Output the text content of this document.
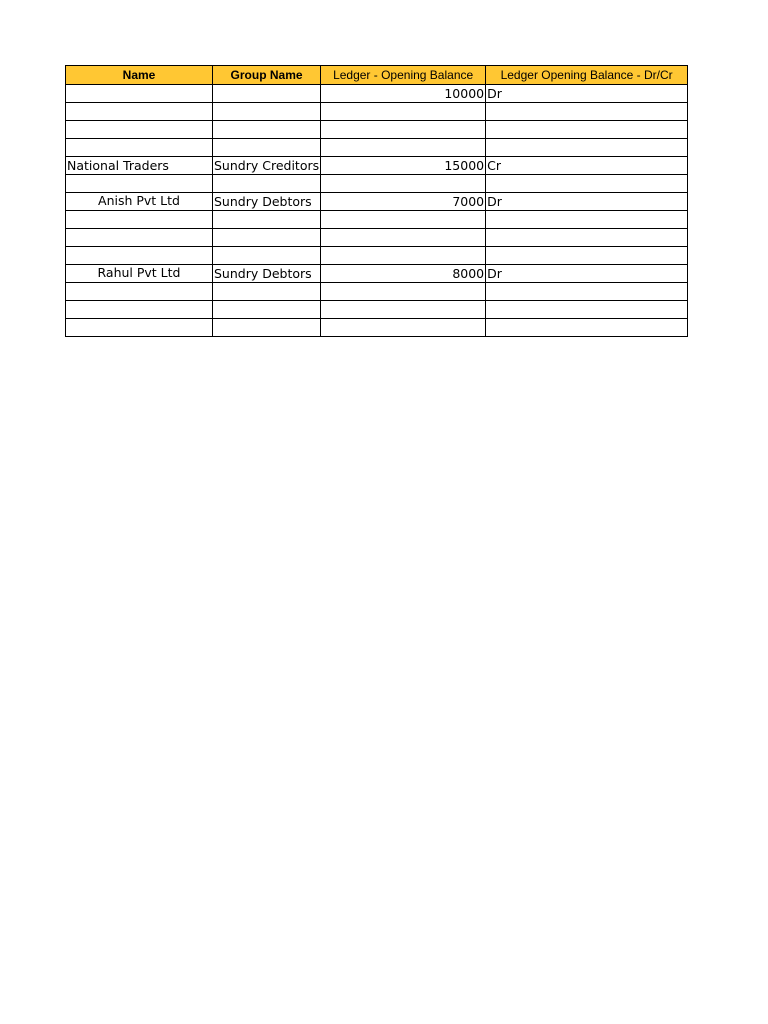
Name	Group Name	Ledger - Opening Balance	Ledger Opening Balance - Dr/Cr
		10000	Dr

National Traders	Sundry Creditors	15000	Cr

Anish Pvt Ltd	Sundry Debtors	7000	Dr

Rahul Pvt Ltd	Sundry Debtors	8000	Dr
